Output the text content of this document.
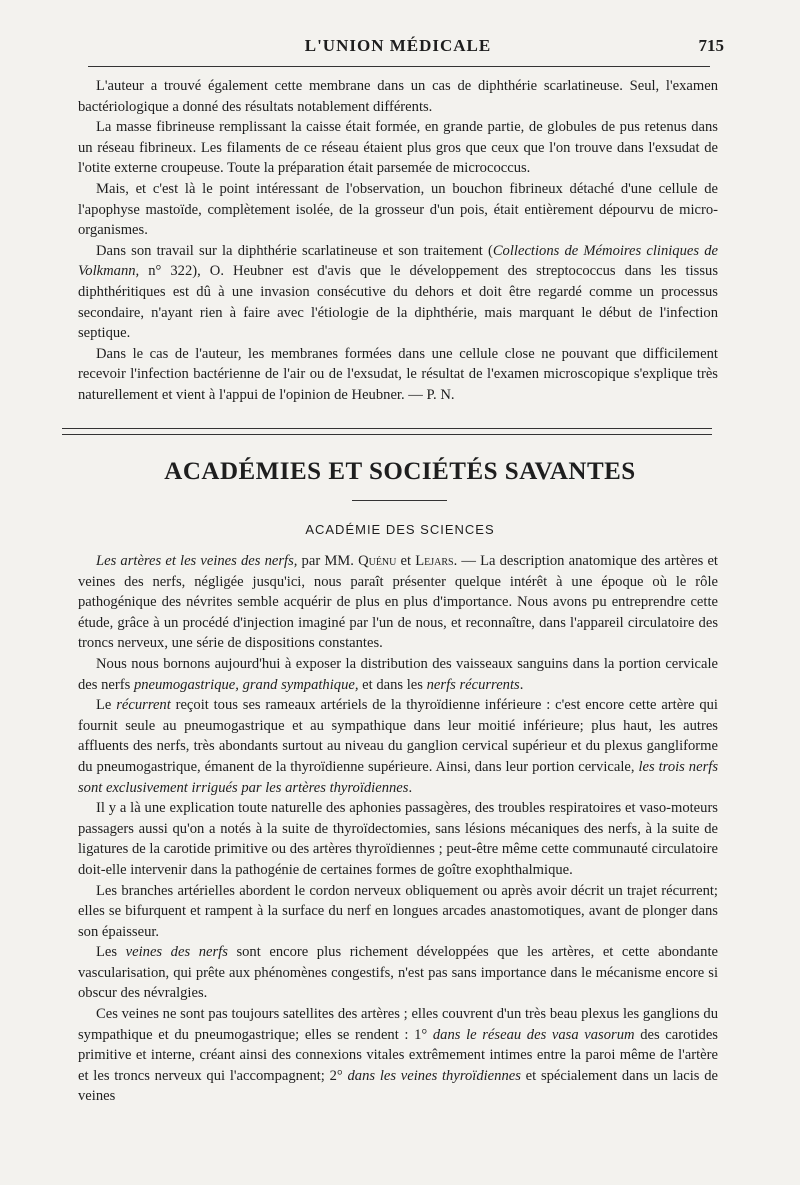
L'UNION MÉDICALE	715

L'auteur a trouvé également cette membrane dans un cas de diphthérie scarlatineuse. Seul, l'examen bactériologique a donné des résultats notablement différents.

La masse fibrineuse remplissant la caisse était formée, en grande partie, de globules de pus retenus dans un réseau fibrineux. Les filaments de ce réseau étaient plus gros que ceux que l'on trouve dans l'exsudat de l'otite externe croupeuse. Toute la préparation était parsemée de micrococcus.

Mais, et c'est là le point intéressant de l'observation, un bouchon fibrineux détaché d'une cellule de l'apophyse mastoïde, complètement isolée, de la grosseur d'un pois, était entièrement dépourvu de micro-organismes.

Dans son travail sur la diphthérie scarlatineuse et son traitement (Collections de Mémoires cliniques de Volkmann, n° 322), O. Heubner est d'avis que le développement des streptococcus dans les tissus diphthéritiques est dû à une invasion consécutive du dehors et doit être regardé comme un processus secondaire, n'ayant rien à faire avec l'étiologie de la diphthérie, mais marquant le début de l'infection septique.

Dans le cas de l'auteur, les membranes formées dans une cellule close ne pouvant que difficilement recevoir l'infection bactérienne de l'air ou de l'exsudat, le résultat de l'examen microscopique s'explique très naturellement et vient à l'appui de l'opinion de Heubner. — P. N.

ACADÉMIES ET SOCIÉTÉS SAVANTES
ACADÉMIE DES SCIENCES

Les artères et les veines des nerfs, par MM. Quénu et Lejars. — La description anatomique des artères et veines des nerfs, négligée jusqu'ici, nous paraît présenter quelque intérêt à une époque où le rôle pathogénique des névrites semble acquérir de plus en plus d'importance. Nous avons pu entreprendre cette étude, grâce à un procédé d'injection imaginé par l'un de nous, et reconnaître, dans l'appareil circulatoire des troncs nerveux, une série de dispositions constantes.

Nous nous bornons aujourd'hui à exposer la distribution des vaisseaux sanguins dans la portion cervicale des nerfs pneumogastrique, grand sympathique, et dans les nerfs récurrents.

Le récurrent reçoit tous ses rameaux artériels de la thyroïdienne inférieure : c'est encore cette artère qui fournit seule au pneumogastrique et au sympathique dans leur moitié inférieure; plus haut, les autres affluents des nerfs, très abondants surtout au niveau du ganglion cervical supérieur et du plexus gangliforme du pneumogastrique, émanent de la thyroïdienne supérieure. Ainsi, dans leur portion cervicale, les trois nerfs sont exclusivement irrigués par les artères thyroïdiennes.

Il y a là une explication toute naturelle des aphonies passagères, des troubles respiratoires et vaso-moteurs passagers aussi qu'on a notés à la suite de thyroïdectomies, sans lésions mécaniques des nerfs, à la suite de ligatures de la carotide primitive ou des artères thyroïdiennes ; peut-être même cette communauté circulatoire doit-elle intervenir dans la pathogénie de certaines formes de goître exophthalmique.

Les branches artérielles abordent le cordon nerveux obliquement ou après avoir décrit un trajet récurrent; elles se bifurquent et rampent à la surface du nerf en longues arcades anastomotiques, avant de plonger dans son épaisseur.

Les veines des nerfs sont encore plus richement développées que les artères, et cette abondante vascularisation, qui prête aux phénomènes congestifs, n'est pas sans importance dans le mécanisme encore si obscur des névralgies.

Ces veines ne sont pas toujours satellites des artères ; elles couvrent d'un très beau plexus les ganglions du sympathique et du pneumogastrique; elles se rendent : 1° dans le réseau des vasa vasorum des carotides primitive et interne, créant ainsi des connexions vitales extrêmement intimes entre la paroi même de l'artère et les troncs nerveux qui l'accompagnent; 2° dans les veines thyroïdiennes et spécialement dans un lacis de veines
